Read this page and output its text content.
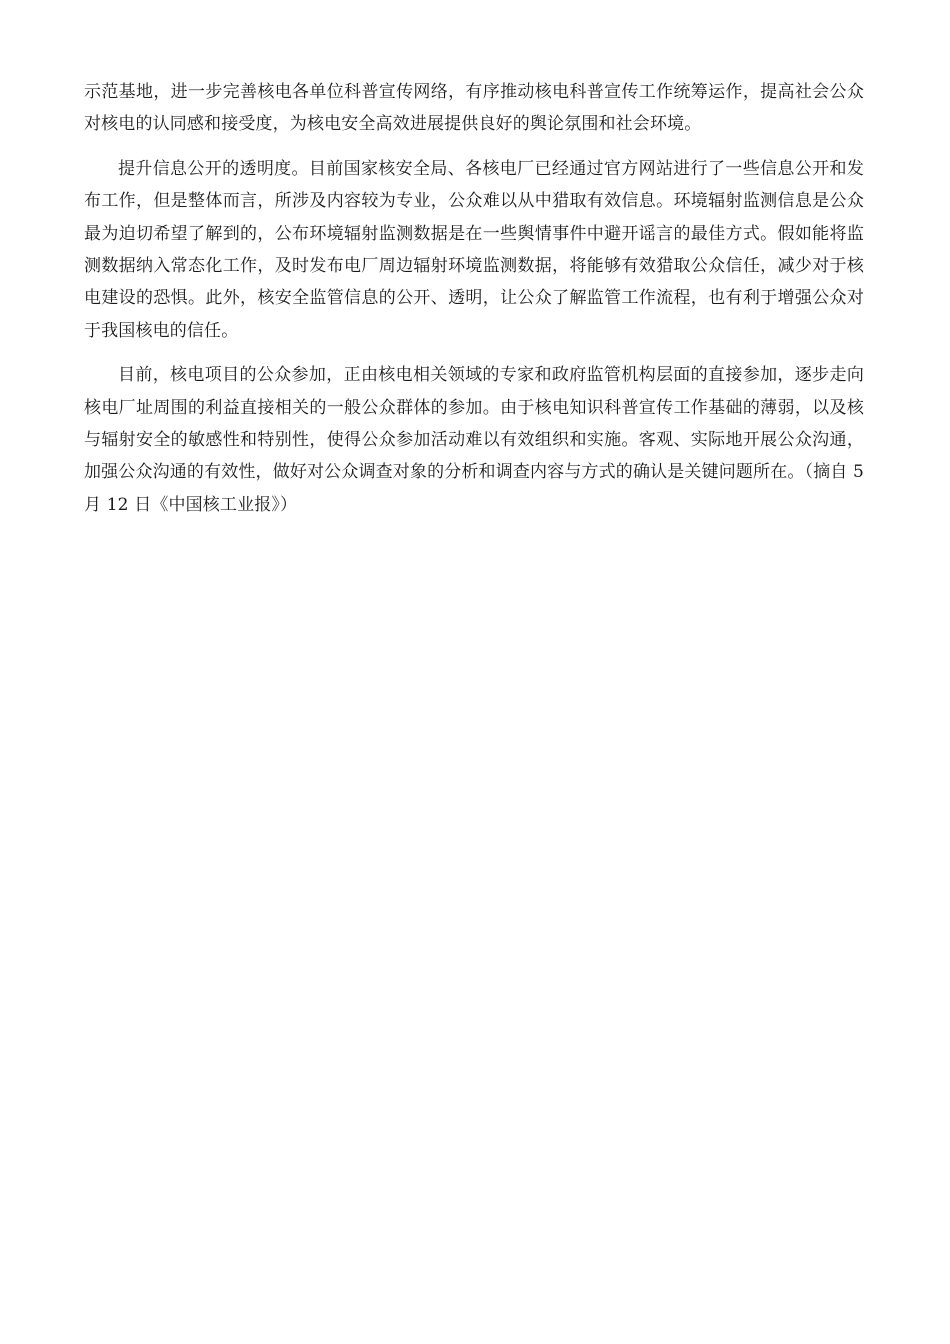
示范基地，进一步完善核电各单位科普宣传网络，有序推动核电科普宣传工作统筹运作，提高社会公众对核电的认同感和接受度，为核电安全高效进展提供良好的舆论氛围和社会环境。

提升信息公开的透明度。目前国家核安全局、各核电厂已经通过官方网站进行了一些信息公开和发布工作，但是整体而言，所涉及内容较为专业，公众难以从中猎取有效信息。环境辐射监测信息是公众最为迫切希望了解到的，公布环境辐射监测数据是在一些舆情事件中避开谣言的最佳方式。假如能将监测数据纳入常态化工作，及时发布电厂周边辐射环境监测数据，将能够有效猎取公众信任，减少对于核电建设的恐惧。此外，核安全监管信息的公开、透明，让公众了解监管工作流程，也有利于增强公众对于我国核电的信任。

目前，核电项目的公众参加，正由核电相关领域的专家和政府监管机构层面的直接参加，逐步走向核电厂址周围的利益直接相关的一般公众群体的参加。由于核电知识科普宣传工作基础的薄弱，以及核与辐射安全的敏感性和特别性，使得公众参加活动难以有效组织和实施。客观、实际地开展公众沟通，加强公众沟通的有效性，做好对公众调查对象的分析和调查内容与方式的确认是关键问题所在。（摘自 5 月 12 日《中国核工业报》）
